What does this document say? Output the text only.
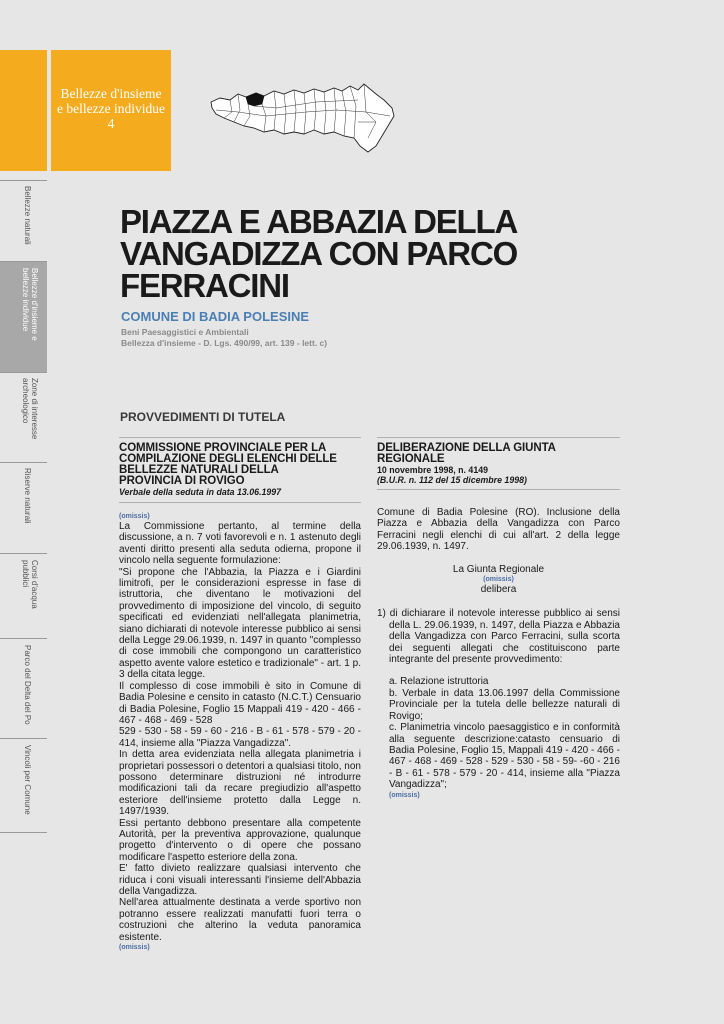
Bellezze d'insieme
e bellezze individue
4
Bellezze naturali
Bellezze d'insieme e bellezze individue
Zone di interesse archeologico
Riserve naturali
Corsi d'acqua pubblici
Parco del Delta del Po
Vincoli per Comune
PIAZZA E ABBAZIA DELLA
VANGADIZZA CON PARCO
FERRACINI
COMUNE DI BADIA POLESINE
Beni Paesaggistici e Ambientali
Bellezza d'insieme - D. Lgs. 490/99, art. 139 - lett. c)
PROVVEDIMENTI DI TUTELA
COMMISSIONE PROVINCIALE PER LA
COMPILAZIONE DEGLI ELENCHI DELLE
BELLEZZE NATURALI DELLA
PROVINCIA DI ROVIGO
Verbale della seduta in data 13.06.1997
(omissis)

La Commissione pertanto, al termine della discussione, a n. 7 voti favorevoli e n. 1 astenuto degli aventi diritto presenti alla seduta odierna, propone il vincolo nella seguente formulazione:

"Si propone che l'Abbazia, la Piazza e i Giardini limitrofi, per le considerazioni espresse in fase di istruttoria, che diventano le motivazioni del provvedimento di imposizione del vincolo, di seguito specificati ed evidenziati nell'allegata planimetria, siano dichiarati di notevole interesse pubblico ai sensi della Legge 29.06.1939, n. 1497 in quanto "complesso di cose immobili che compongono un caratteristico aspetto avente valore estetico e tradizionale" - art. 1 p. 3 della citata legge.

Il complesso di cose immobili è sito in Comune di Badia Polesine e censito in catasto (N.C.T.) Censuario di Badia Polesine, Foglio 15 Mappali 419 - 420 - 466 - 467 - 468 - 469 - 528

529 - 530 - 58 - 59 - 60 - 216 - B - 61 - 578 - 579 - 20 - 414, insieme alla "Piazza Vangadizza".

In detta area evidenziata nella allegata planimetria i proprietari possessori o detentori a qualsiasi titolo, non possono determinare distruzioni né introdurre modificazioni tali da recare pregiudizio all'aspetto esteriore dell'insieme protetto dalla Legge n. 1497/1939.

Essi pertanto debbono presentare alla competente Autorità, per la preventiva approvazione, qualunque progetto d'intervento o di opere che possano modificare l'aspetto esteriore della zona.

E' fatto divieto realizzare qualsiasi intervento che riduca i coni visuali interessanti l'insieme dell'Abbazia della Vangadizza.

Nell'area attualmente destinata a verde sportivo non potranno essere realizzati manufatti fuori terra o costruzioni che alterino la veduta panoramica esistente.

(omissis)
DELIBERAZIONE DELLA GIUNTA
REGIONALE
10 novembre 1998, n. 4149
(B.U.R. n. 112 del 15 dicembre 1998)
Comune di Badia Polesine (RO). Inclusione della Piazza e Abbazia della Vangadizza con Parco Ferracini negli elenchi di cui all'art. 2 della legge 29.06.1939, n. 1497.
La Giunta Regionale
(omissis)
delibera
1) di dichiarare il notevole interesse pubblico ai sensi della L. 29.06.1939, n. 1497, della Piazza e Abbazia della Vangadizza con Parco Ferracini, sulla scorta dei seguenti allegati che costituiscono parte integrante del presente provvedimento:
a. Relazione istruttoria
b. Verbale in data 13.06.1997 della Commissione Provinciale per la tutela delle bellezze naturali di Rovigo;
c. Planimetria vincolo paesaggistico e in conformità alla seguente descrizione:catasto censuario di Badia Polesine, Foglio 15, Mappali 419 - 420 - 466 - 467 - 468 - 469 - 528 - 529 - 530 - 58 - 59- -60 - 216 - B - 61 - 578 - 579 - 20 - 414, insieme alla "Piazza Vangadizza";
(omissis)
